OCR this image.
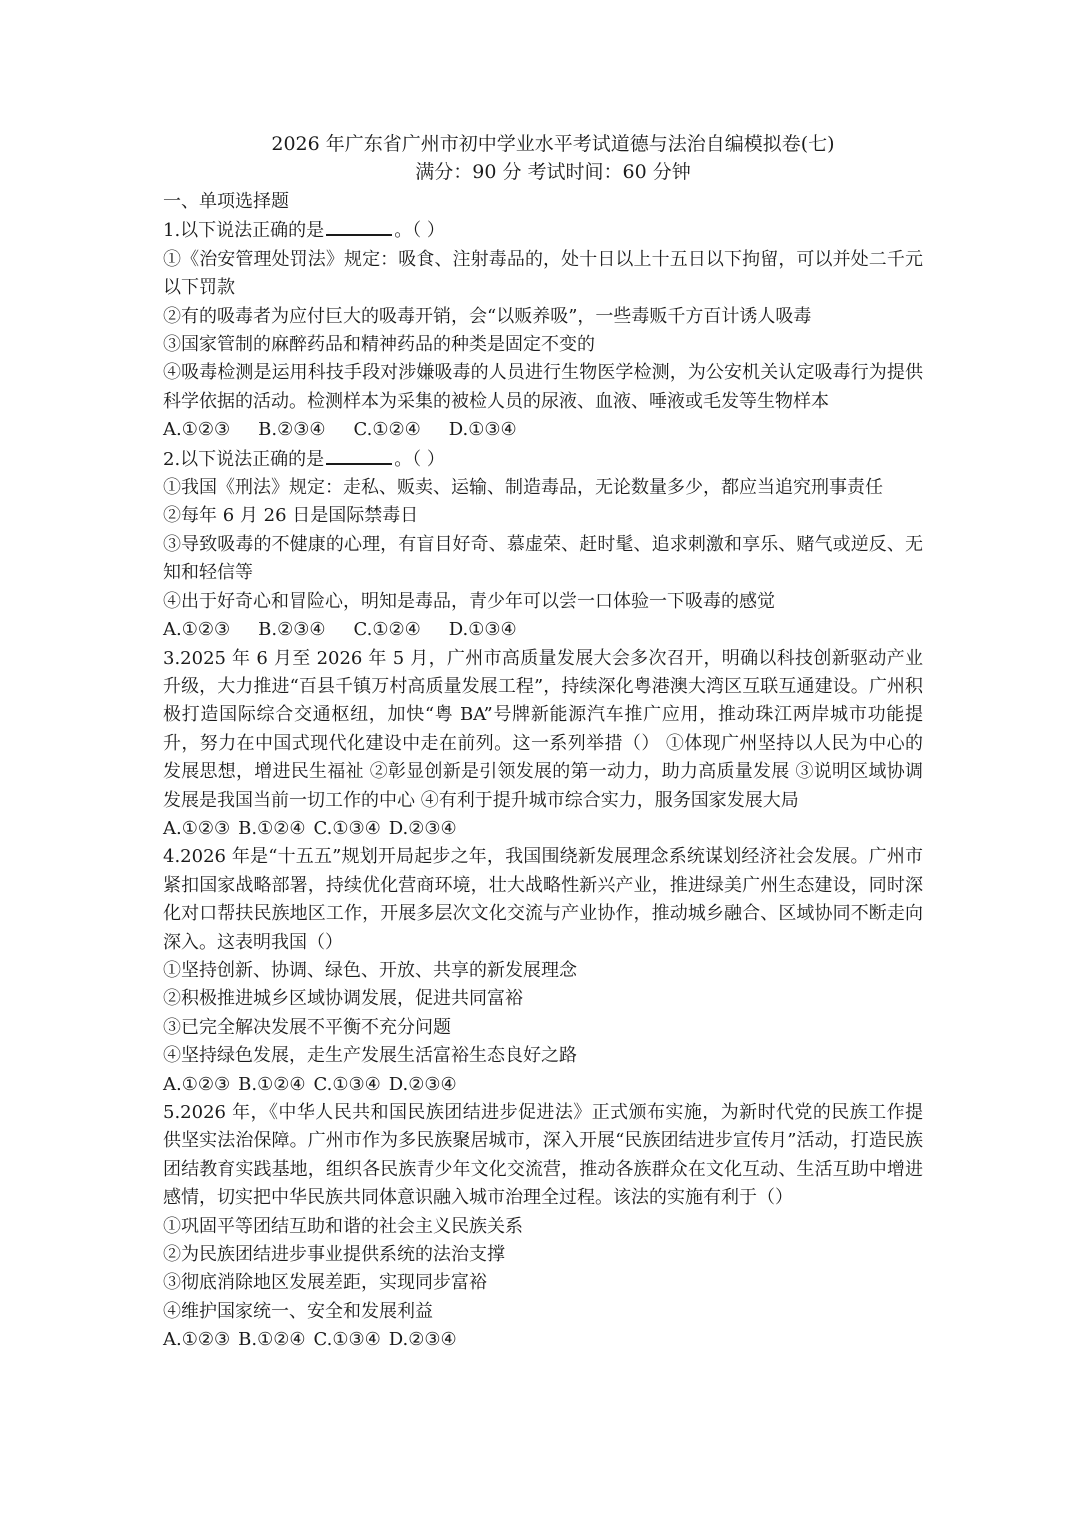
2026 年广东省广州市初中学业水平考试道德与法治自编模拟卷(七)

满分：90 分 考试时间：60 分钟

一、单项选择题

1.以下说法正确的是	。（ ）

①《治安管理处罚法》规定：吸食、注射毒品的，处十日以上十五日以下拘留，可以并处二千元以下罚款

②有的吸毒者为应付巨大的吸毒开销，会“以贩养吸”，一些毒贩千方百计诱人吸毒

③国家管制的麻醉药品和精神药品的种类是固定不变的

④吸毒检测是运用科技手段对涉嫌吸毒的人员进行生物医学检测，为公安机关认定吸毒行为提供科学依据的活动。检测样本为采集的被检人员的尿液、血液、唾液或毛发等生物样本

A.①②③ B.②③④ C.①②④ D.①③④

2.以下说法正确的是	。（ ）

①我国《刑法》规定：走私、贩卖、运输、制造毒品，无论数量多少，都应当追究刑事责任

②每年 6 月 26 日是国际禁毒日

③导致吸毒的不健康的心理，有盲目好奇、慕虚荣、赶时髦、追求刺激和享乐、赌气或逆反、无知和轻信等

④出于好奇心和冒险心，明知是毒品，青少年可以尝一口体验一下吸毒的感觉

A.①②③ B.②③④ C.①②④ D.①③④

3.2025 年 6 月至 2026 年 5 月，广州市高质量发展大会多次召开，明确以科技创新驱动产业升级，大力推进“百县千镇万村高质量发展工程”，持续深化粤港澳大湾区互联互通建设。广州积极打造国际综合交通枢纽，加快“粤 BA”号牌新能源汽车推广应用，推动珠江两岸城市功能提升，努力在中国式现代化建设中走在前列。这一系列举措（） ①体现广州坚持以人民为中心的发展思想，增进民生福祉 ②彰显创新是引领发展的第一动力，助力高质量发展 ③说明区域协调发展是我国当前一切工作的中心 ④有利于提升城市综合实力，服务国家发展大局

A.①②③ B.①②④ C.①③④ D.②③④

4.2026 年是“十五五”规划开局起步之年，我国围绕新发展理念系统谋划经济社会发展。广州市紧扣国家战略部署，持续优化营商环境，壮大战略性新兴产业，推进绿美广州生态建设，同时深化对口帮扶民族地区工作，开展多层次文化交流与产业协作，推动城乡融合、区域协同不断走向深入。这表明我国（）

①坚持创新、协调、绿色、开放、共享的新发展理念

②积极推进城乡区域协调发展，促进共同富裕

③已完全解决发展不平衡不充分问题

④坚持绿色发展，走生产发展生活富裕生态良好之路

A.①②③ B.①②④ C.①③④ D.②③④

5.2026 年，《中华人民共和国民族团结进步促进法》正式颁布实施，为新时代党的民族工作提供坚实法治保障。广州市作为多民族聚居城市，深入开展“民族团结进步宣传月”活动，打造民族团结教育实践基地，组织各民族青少年文化交流营，推动各族群众在文化互动、生活互助中增进感情，切实把中华民族共同体意识融入城市治理全过程。该法的实施有利于（）

①巩固平等团结互助和谐的社会主义民族关系

②为民族团结进步事业提供系统的法治支撑

③彻底消除地区发展差距，实现同步富裕

④维护国家统一、安全和发展利益

A.①②③ B.①②④ C.①③④ D.②③④
